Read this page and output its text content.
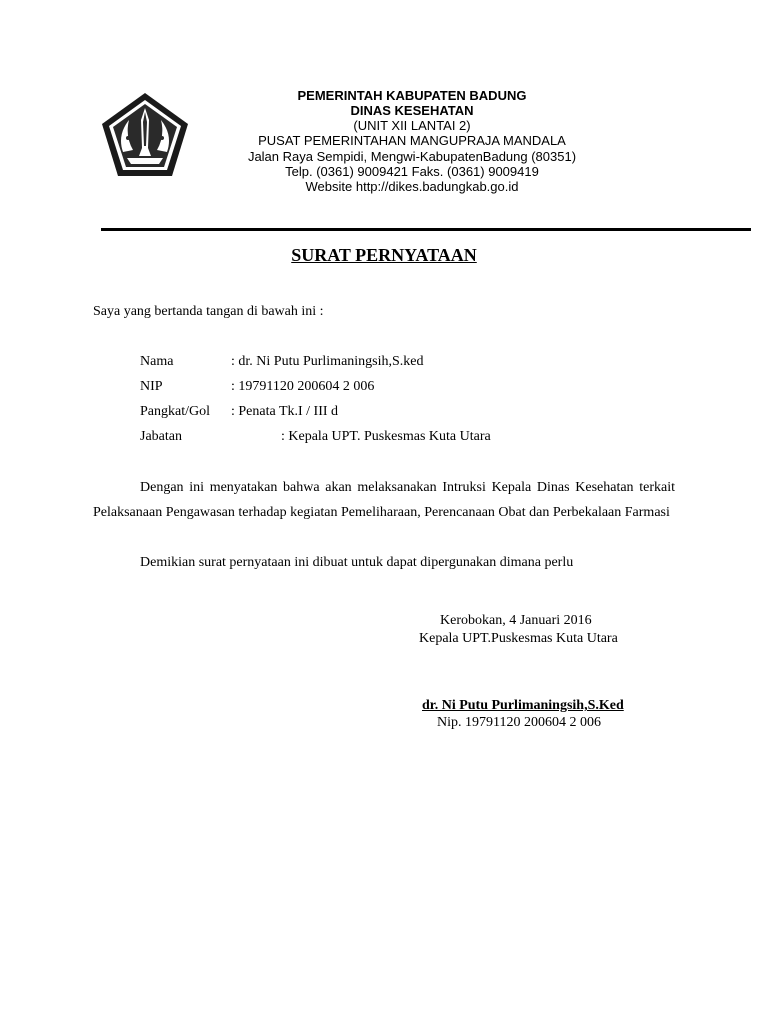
PEMERINTAH KABUPATEN BADUNG
DINAS KESEHATAN
(UNIT XII LANTAI 2)
PUSAT PEMERINTAHAN MANGUPRAJA MANDALA
Jalan Raya Sempidi, Mengwi-KabupatenBadung (80351)
Telp. (0361) 9009421 Faks. (0361) 9009419
Website http://dikes.badungkab.go.id
SURAT PERNYATAAN
Saya yang bertanda tangan di bawah ini :
Nama	: dr. Ni Putu Purlimaningsih,S.ked
NIP	: 19791120 200604 2 006
Pangkat/Gol : Penata Tk.I / III d
Jabatan	: Kepala UPT. Puskesmas Kuta Utara
Dengan ini menyatakan bahwa akan melaksanakan Intruksi Kepala Dinas Kesehatan terkait Pelaksanaan Pengawasan terhadap kegiatan Pemeliharaan, Perencanaan Obat dan Perbekalaan Farmasi
Demikian surat pernyataan ini dibuat untuk dapat dipergunakan dimana perlu
Kerobokan, 4 Januari 2016
Kepala UPT.Puskesmas Kuta Utara
dr. Ni Putu Purlimaningsih,S.Ked
Nip. 19791120 200604 2 006
